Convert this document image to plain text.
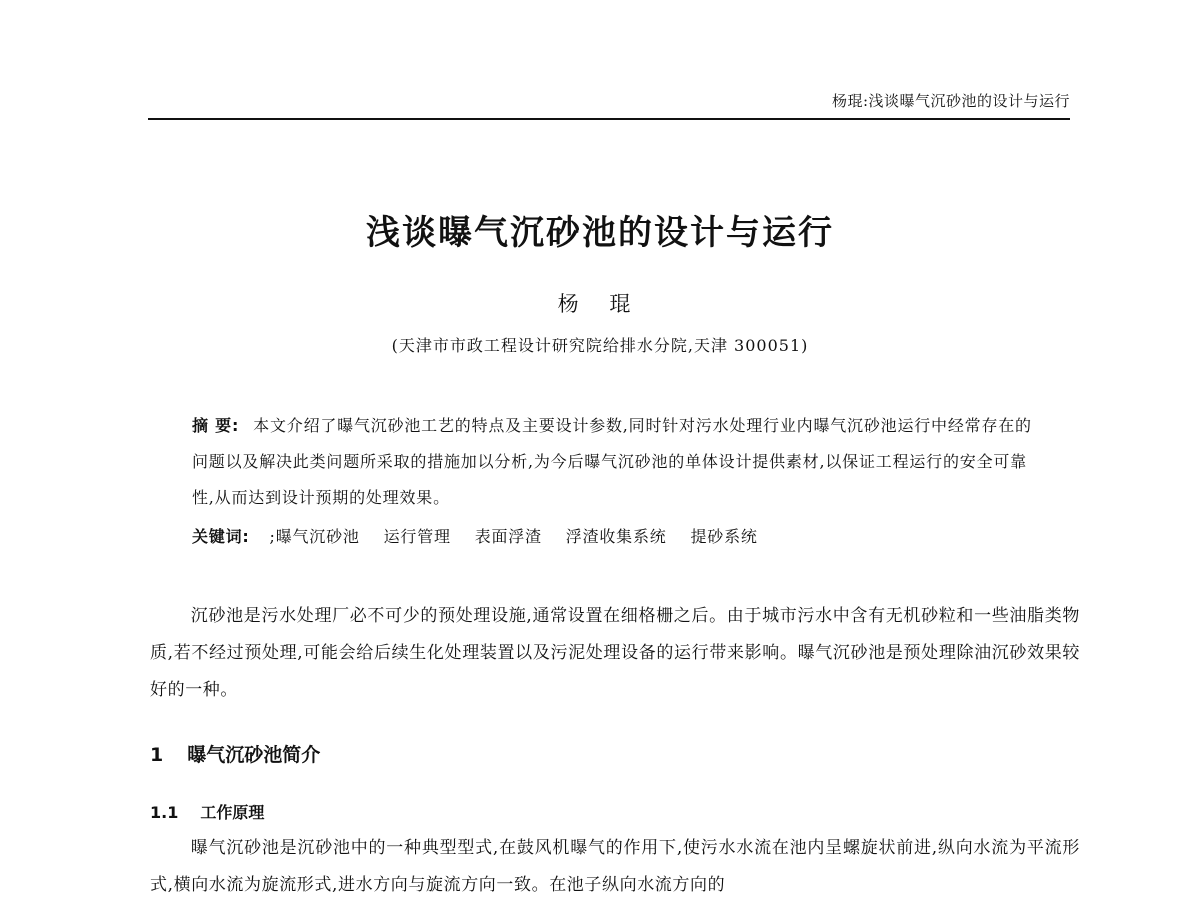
杨琨:浅谈曝气沉砂池的设计与运行
浅谈曝气沉砂池的设计与运行
杨 琨
(天津市市政工程设计研究院给排水分院,天津 300051)
摘 要: 本文介绍了曝气沉砂池工艺的特点及主要设计参数,同时针对污水处理行业内曝气沉砂池运行中经常存在的问题以及解决此类问题所采取的措施加以分析,为今后曝气沉砂池的单体设计提供素材,以保证工程运行的安全可靠性,从而达到设计预期的处理效果。
关键词: ;曝气沉砂池 运行管理 表面浮渣 浮渣收集系统 提砂系统
沉砂池是污水处理厂必不可少的预处理设施,通常设置在细格栅之后。由于城市污水中含有无机砂粒和一些油脂类物质,若不经过预处理,可能会给后续生化处理装置以及污泥处理设备的运行带来影响。曝气沉砂池是预处理除油沉砂效果较好的一种。
1 曝气沉砂池简介
1.1 工作原理
曝气沉砂池是沉砂池中的一种典型型式,在鼓风机曝气的作用下,使污水水流在池内呈螺旋状前进,纵向水流为平流形式,横向水流为旋流形式,进水方向与旋流方向一致。在池子纵向水流方向的
